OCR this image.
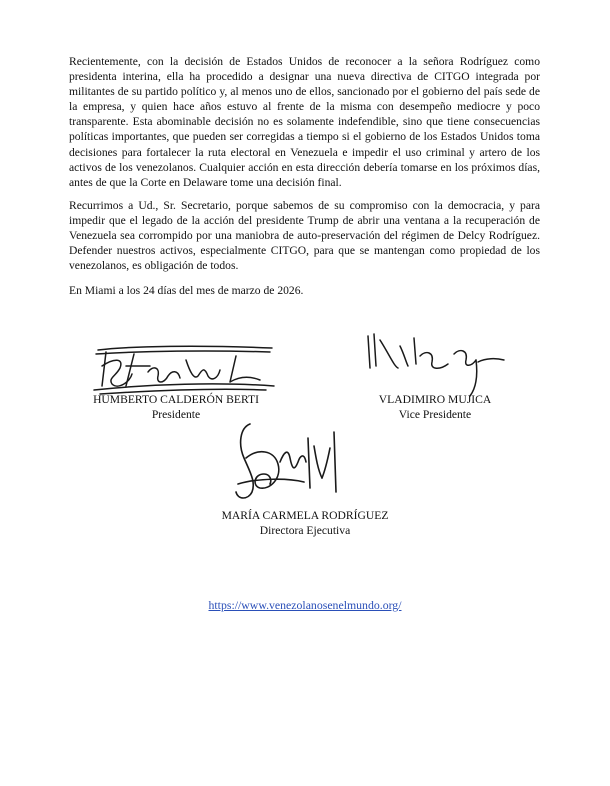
Recientemente, con la decisión de Estados Unidos de reconocer a la señora Rodríguez como presidenta interina, ella ha procedido a designar una nueva directiva de CITGO integrada por militantes de su partido político y, al menos uno de ellos, sancionado por el gobierno del país sede de la empresa, y quien hace años estuvo al frente de la misma con desempeño mediocre y poco transparente. Esta abominable decisión no es solamente indefendible, sino que tiene consecuencias políticas importantes, que pueden ser corregidas a tiempo si el gobierno de los Estados Unidos toma decisiones para fortalecer la ruta electoral en Venezuela e impedir el uso criminal y artero de los activos de los venezolanos. Cualquier acción en esta dirección debería tomarse en los próximos días, antes de que la Corte en Delaware tome una decisión final.

Recurrimos a Ud., Sr. Secretario, porque sabemos de su compromiso con la democracia, y para impedir que el legado de la acción del presidente Trump de abrir una ventana a la recuperación de Venezuela sea corrompido por una maniobra de auto-preservación del régimen de Delcy Rodríguez. Defender nuestros activos, especialmente CITGO, para que se mantengan como propiedad de los venezolanos, es obligación de todos.

En Miami a los 24 días del mes de marzo de 2026.

HUMBERTO CALDERÓN BERTI
Presidente
VLADIMIRO MUJICA
Vice Presidente
MARÍA CARMELA RODRÍGUEZ
Directora Ejecutiva
https://www.venezolanosenelmundo.org/
